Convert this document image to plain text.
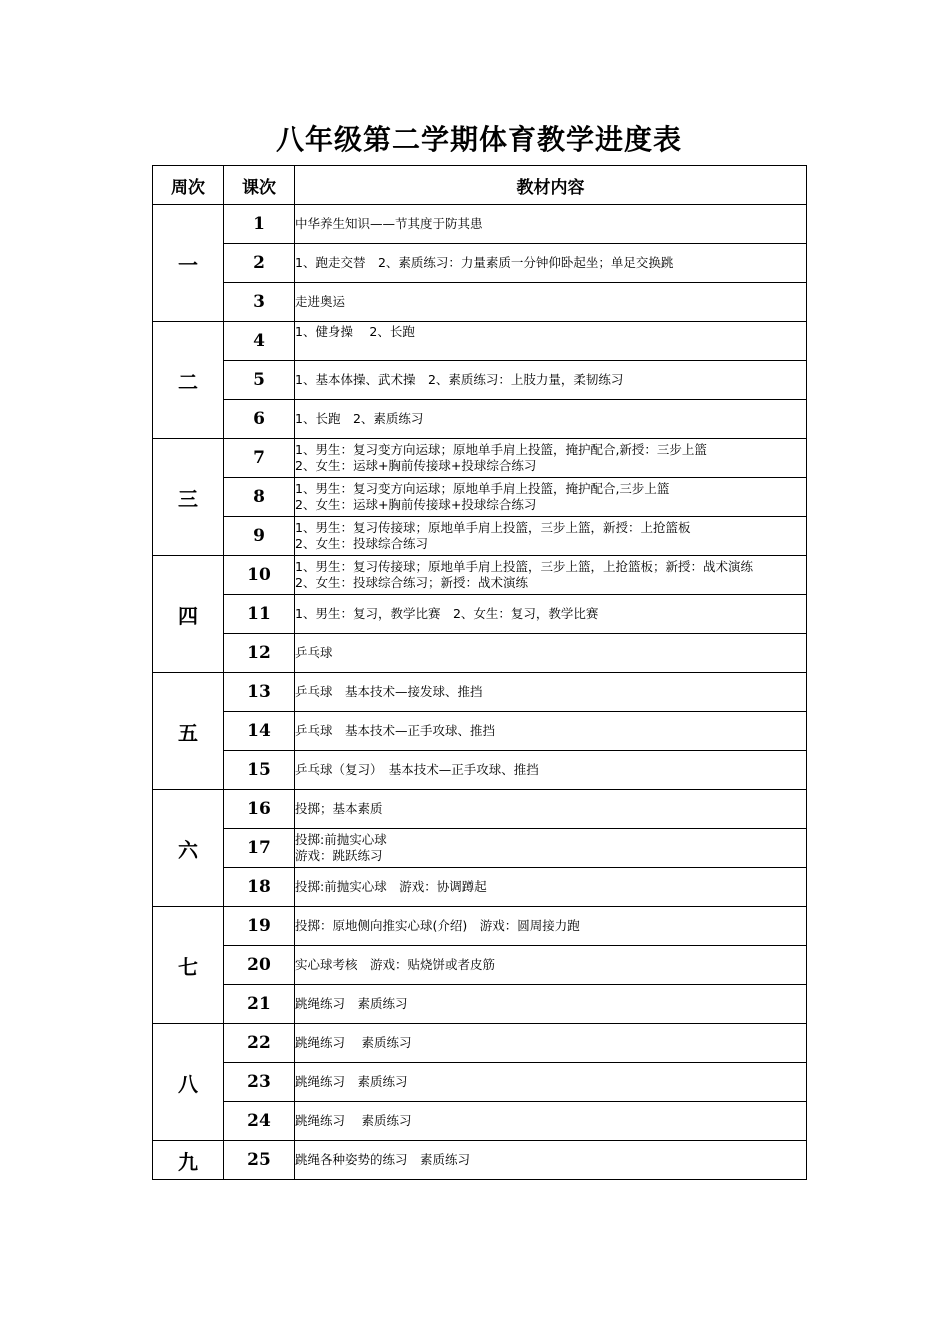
八年级第二学期体育教学进度表
周次	课次	教材内容
一	1	中华养生知识——节其度于防其患

	2	1、跑走交替　2、素质练习：力量素质一分钟仰卧起坐；单足交换跳

	3	走进奥运

二	4	1、健身操　 2、长跑

	5	1、基本体操、武术操　2、素质练习：上肢力量，柔韧练习

	6	1、长跑　2、素质练习

三	7	1、男生：复习变方向运球；原地单手肩上投篮，掩护配合,新授：三步上篮
2、女生：运球+胸前传接球+投球综合练习

	8	1、男生：复习变方向运球；原地单手肩上投篮，掩护配合,三步上篮
2、女生：运球+胸前传接球+投球综合练习

	9	1、男生：复习传接球；原地单手肩上投篮，三步上篮，新授：上抢篮板
2、女生：投球综合练习

四	10	1、男生：复习传接球；原地单手肩上投篮，三步上篮，上抢篮板；新授：战术演练
2、女生：投球综合练习；新授：战术演练

	11	1、男生：复习，教学比赛　2、女生：复习，教学比赛

	12	乒乓球

五	13	乒乓球　基本技术—接发球、推挡

	14	乒乓球　基本技术—正手攻球、推挡

	15	乒乓球（复习）　基本技术—正手攻球、推挡

六	16	投掷；基本素质

	17	投掷:前抛实心球
游戏：跳跃练习

	18	投掷:前抛实心球　游戏：协调蹲起

七	19	投掷：原地侧向推实心球(介绍)　游戏：圆周接力跑

	20	实心球考核　游戏：贴烧饼或者皮筋

	21	跳绳练习　素质练习

八	22	跳绳练习　 素质练习

	23	跳绳练习　素质练习

	24	跳绳练习　 素质练习

九	25	跳绳各种姿势的练习　素质练习
